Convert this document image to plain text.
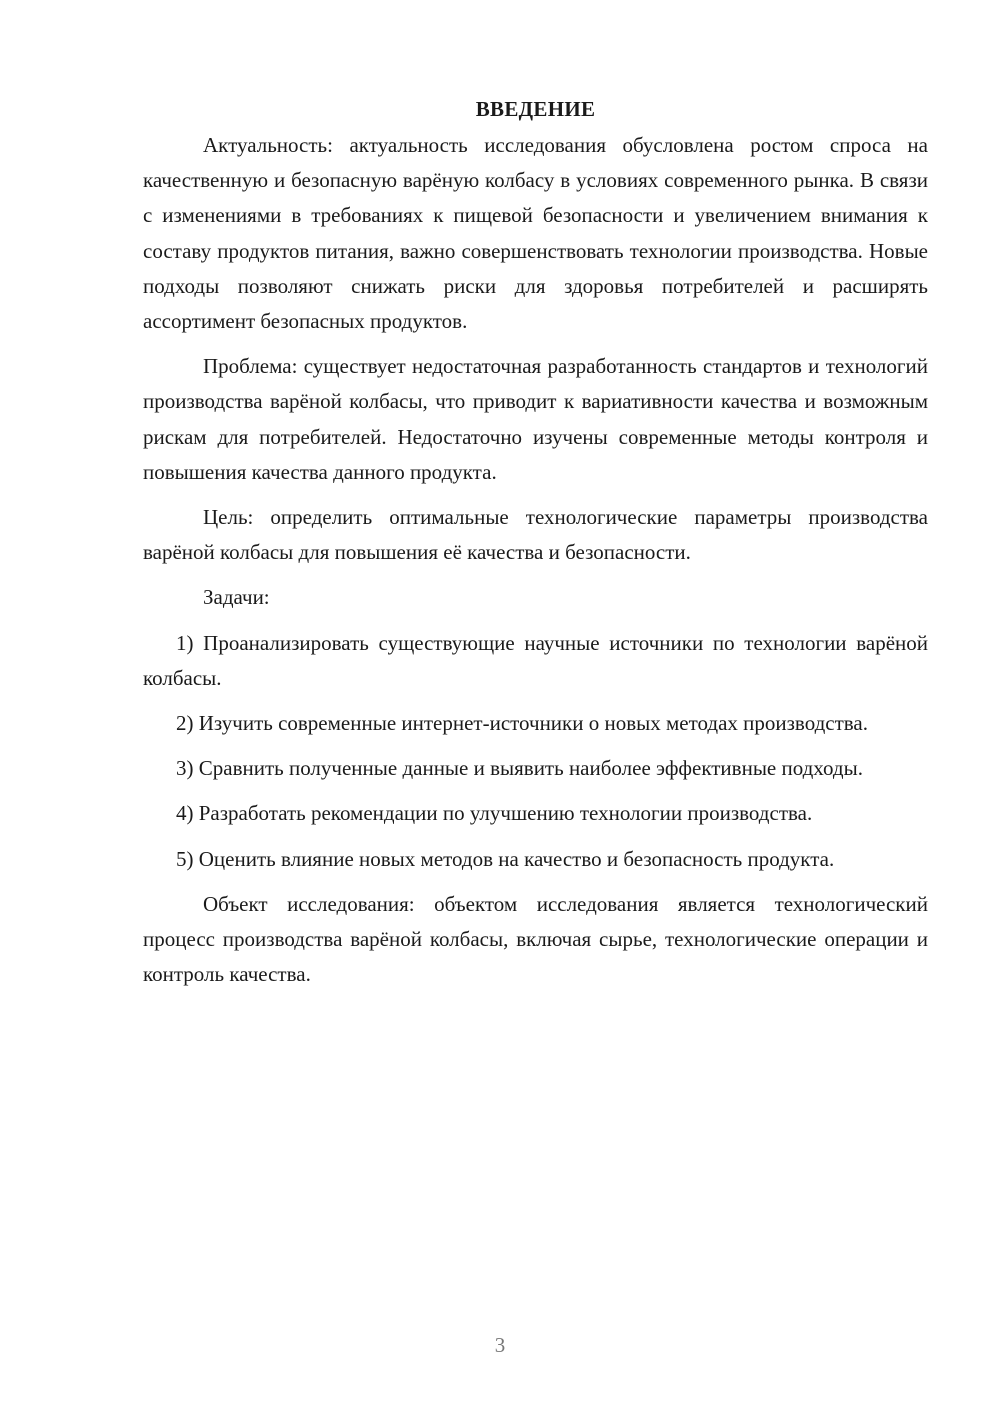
ВВЕДЕНИЕ

Актуальность: актуальность исследования обусловлена ростом спроса на качественную и безопасную варёную колбасу в условиях современного рынка. В связи с изменениями в требованиях к пищевой безопасности и увеличением внимания к составу продуктов питания, важно совершенствовать технологии производства. Новые подходы позволяют снижать риски для здоровья потребителей и расширять ассортимент безопасных продуктов.

Проблема: существует недостаточная разработанность стандартов и технологий производства варёной колбасы, что приводит к вариативности качества и возможным рискам для потребителей. Недостаточно изучены современные методы контроля и повышения качества данного продукта.

Цель: определить оптимальные технологические параметры производства варёной колбасы для повышения её качества и безопасности.

Задачи:

1) Проанализировать существующие научные источники по технологии варёной колбасы.

2) Изучить современные интернет-источники о новых методах производства.

3) Сравнить полученные данные и выявить наиболее эффективные подходы.

4) Разработать рекомендации по улучшению технологии производства.

5) Оценить влияние новых методов на качество и безопасность продукта.

Объект исследования: объектом исследования является технологический процесс производства варёной колбасы, включая сырье, технологические операции и контроль качества.

3
